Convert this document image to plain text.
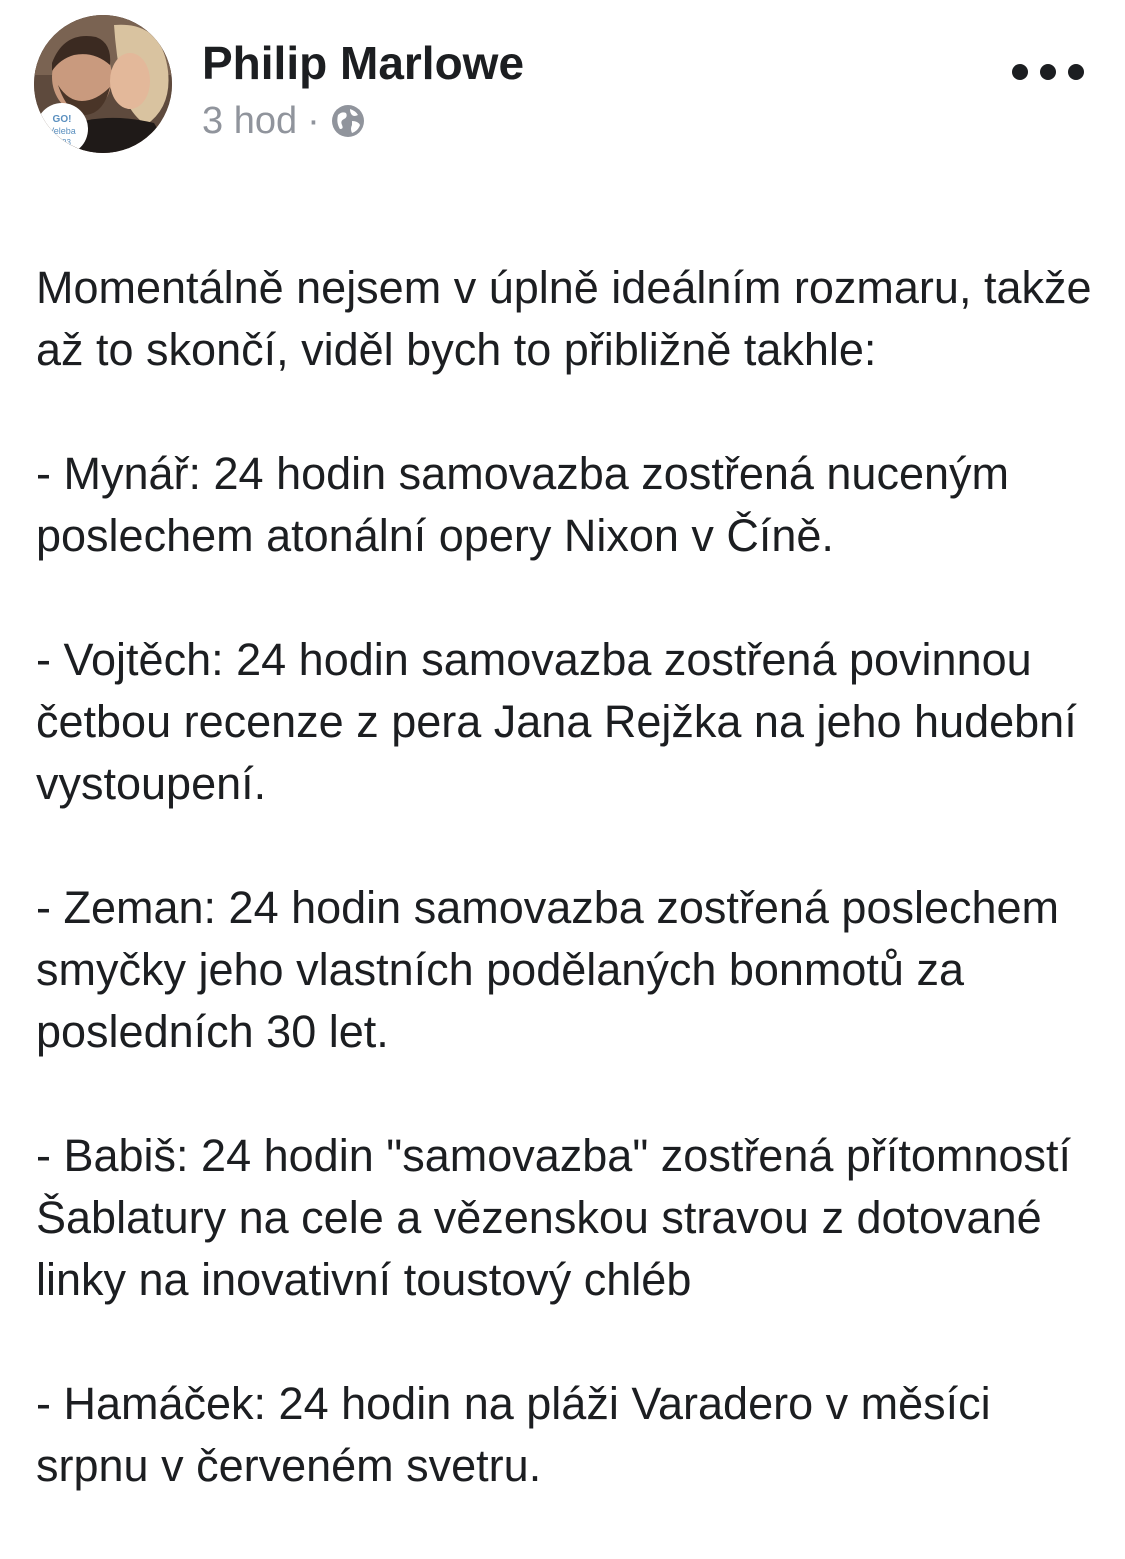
GO!
Veleba
2023
Philip Marlowe
3 hod ·

Momentálně nejsem v úplně ideálním rozmaru, takže až to skončí, viděl bych to přibližně takhle:

- Mynář: 24 hodin samovazba zostřená nuceným poslechem atonální opery Nixon v Číně.

- Vojtěch: 24 hodin samovazba zostřená povinnou četbou recenze z pera Jana Rejžka na jeho hudební vystoupení.

- Zeman: 24 hodin samovazba zostřená poslechem smyčky jeho vlastních podělaných bonmotů za posledních 30 let.

- Babiš: 24 hodin "samovazba" zostřená přítomností Šablatury na cele a vězenskou stravou z dotované linky na inovativní toustový chléb

- Hamáček: 24 hodin na pláži Varadero v měsíci srpnu v červeném svetru.
